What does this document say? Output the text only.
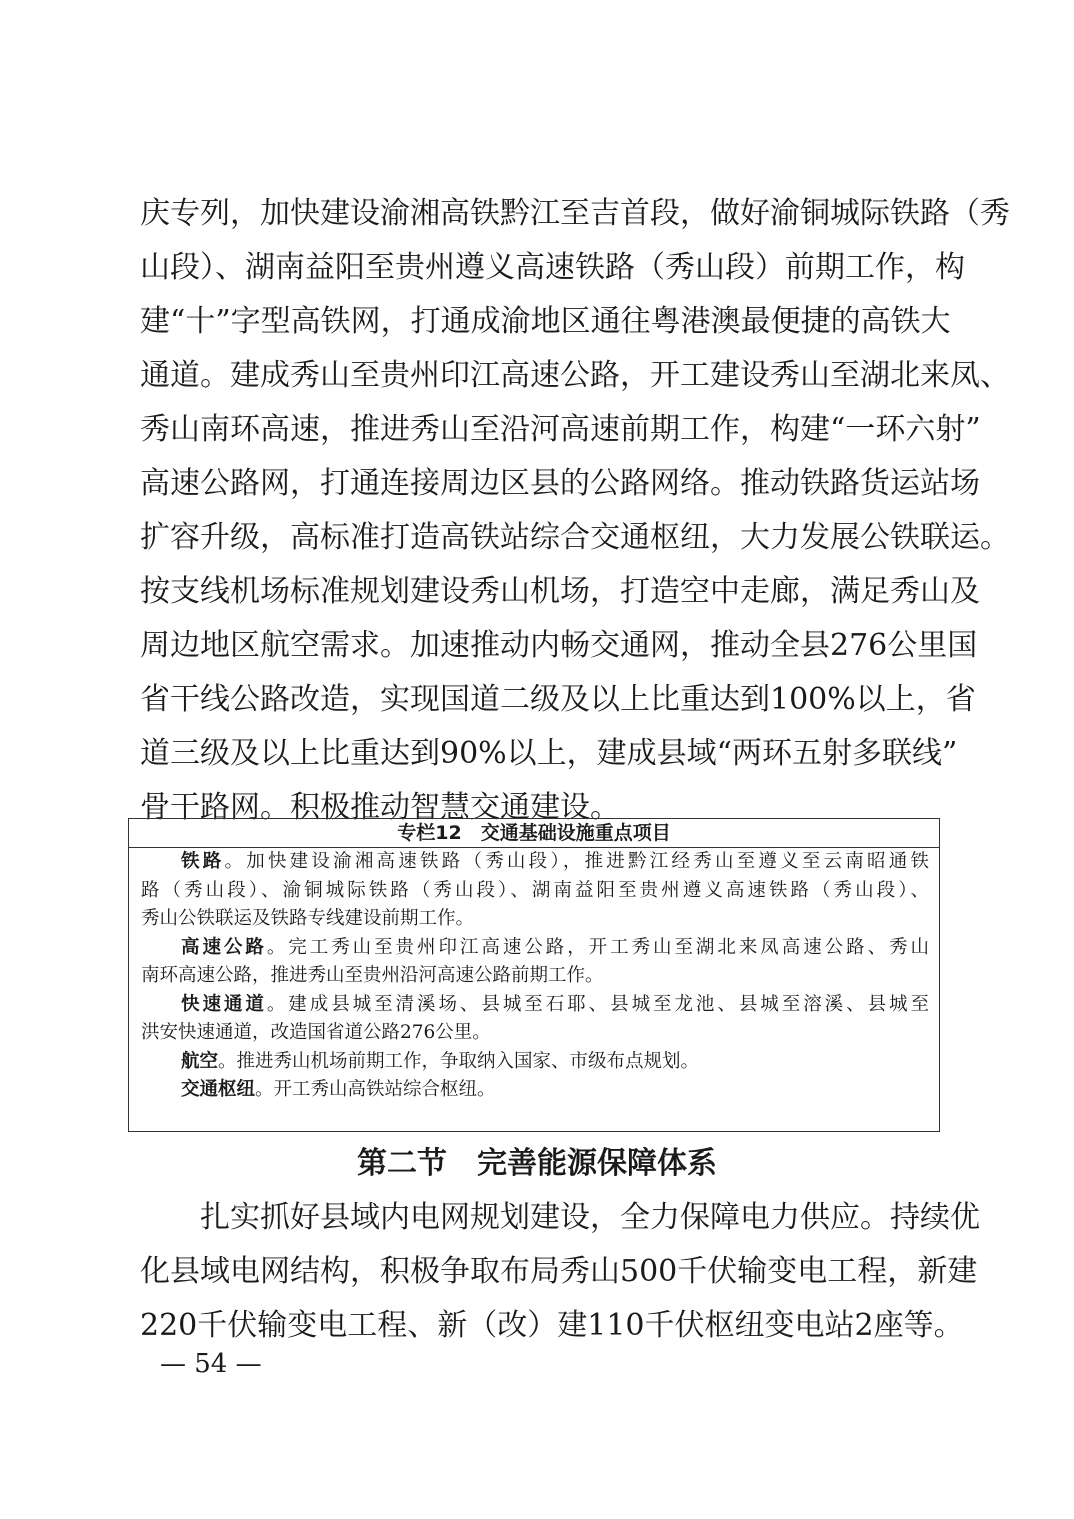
庆专列，加快建设渝湘高铁黔江至吉首段，做好渝铜城际铁路（秀
山段）、湖南益阳至贵州遵义高速铁路（秀山段）前期工作，构
建“十”字型高铁网，打通成渝地区通往粤港澳最便捷的高铁大
通道。建成秀山至贵州印江高速公路，开工建设秀山至湖北来凤、
秀山南环高速，推进秀山至沿河高速前期工作，构建“一环六射”
高速公路网，打通连接周边区县的公路网络。推动铁路货运站场
扩容升级，高标准打造高铁站综合交通枢纽，大力发展公铁联运。
按支线机场标准规划建设秀山机场，打造空中走廊，满足秀山及
周边地区航空需求。加速推动内畅交通网，推动全县276公里国
省干线公路改造，实现国道二级及以上比重达到100%以上，省
道三级及以上比重达到90%以上，建成县域“两环五射多联线”
骨干路网。积极推动智慧交通建设。
专栏12　交通基础设施重点项目
铁路。加快建设渝湘高速铁路（秀山段），推进黔江经秀山至遵义至云南昭通铁
路（秀山段）、渝铜城际铁路（秀山段）、湖南益阳至贵州遵义高速铁路（秀山段）、
秀山公铁联运及铁路专线建设前期工作。
高速公路。完工秀山至贵州印江高速公路，开工秀山至湖北来凤高速公路、秀山
南环高速公路，推进秀山至贵州沿河高速公路前期工作。
快速通道。建成县城至清溪场、县城至石耶、县城至龙池、县城至溶溪、县城至
洪安快速通道，改造国省道公路276公里。
航空。推进秀山机场前期工作，争取纳入国家、市级布点规划。
交通枢纽。开工秀山高铁站综合枢纽。
第二节　完善能源保障体系
扎实抓好县域内电网规划建设，全力保障电力供应。持续优
化县域电网结构，积极争取布局秀山500千伏输变电工程，新建
220千伏输变电工程、新（改）建110千伏枢纽变电站2座等。
— 54 —
